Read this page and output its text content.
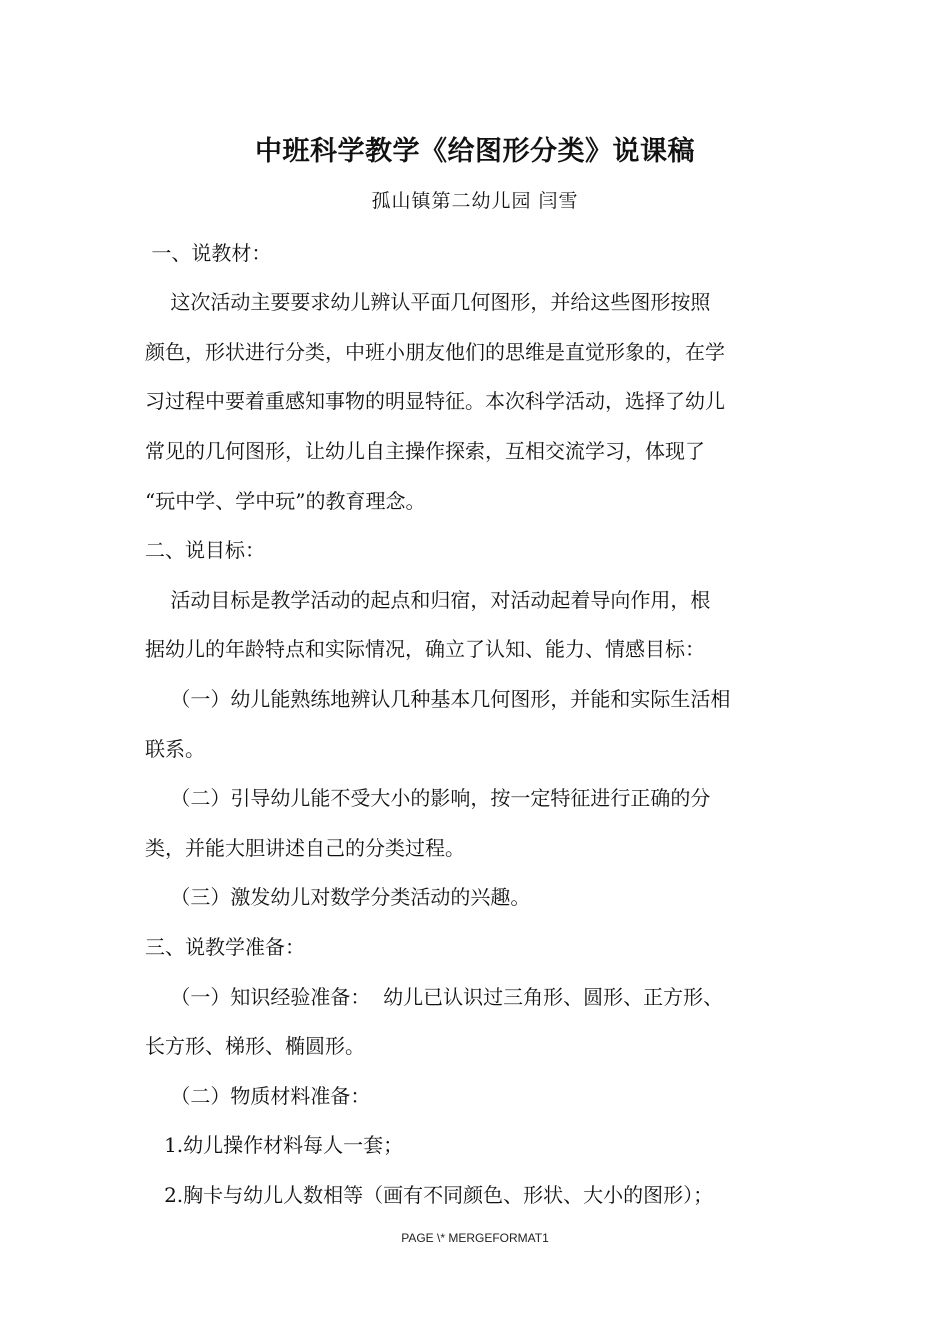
中班科学教学《给图形分类》说课稿
孤山镇第二幼儿园 闫雪
一、说教材：
这次活动主要要求幼儿辨认平面几何图形，并给这些图形按照
颜色，形状进行分类，中班小朋友他们的思维是直觉形象的，在学
习过程中要着重感知事物的明显特征。本次科学活动，选择了幼儿
常见的几何图形，让幼儿自主操作探索，互相交流学习，体现了
“玩中学、学中玩”的教育理念。
二、说目标：
活动目标是教学活动的起点和归宿，对活动起着导向作用，根
据幼儿的年龄特点和实际情况，确立了认知、能力、情感目标：
（一）幼儿能熟练地辨认几种基本几何图形，并能和实际生活相
联系。
（二）引导幼儿能不受大小的影响，按一定特征进行正确的分
类，并能大胆讲述自己的分类过程。
（三）激发幼儿对数学分类活动的兴趣。
三、说教学准备：
（一）知识经验准备：  幼儿已认识过三角形、圆形、正方形、
长方形、梯形、椭圆形。
（二）物质材料准备：
1.幼儿操作材料每人一套；
2.胸卡与幼儿人数相等（画有不同颜色、形状、大小的图形）；
PAGE \* MERGEFORMAT1
